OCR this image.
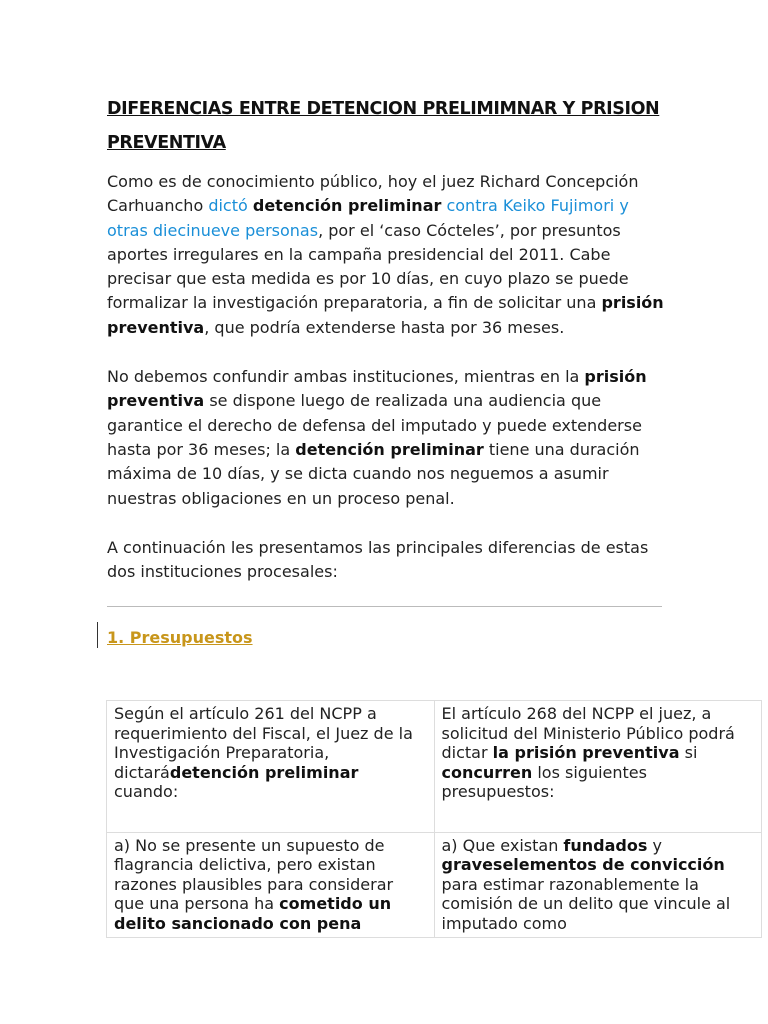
DIFERENCIAS ENTRE DETENCION PRELIMIMNAR Y PRISION
PREVENTIVA

Como es de conocimiento público, hoy el juez Richard Concepción Carhuancho dictó detención preliminar contra Keiko Fujimori y otras diecinueve personas, por el ‘caso Cócteles’, por presuntos aportes irregulares en la campaña presidencial del 2011. Cabe precisar que esta medida es por 10 días, en cuyo plazo se puede formalizar la investigación preparatoria, a fin de solicitar una prisión preventiva, que podría extenderse hasta por 36 meses.

No debemos confundir ambas instituciones, mientras en la prisión preventiva se dispone luego de realizada una audiencia que garantice el derecho de defensa del imputado y puede extenderse hasta por 36 meses; la detención preliminar tiene una duración máxima de 10 días, y se dicta cuando nos neguemos a asumir nuestras obligaciones en un proceso penal.

A continuación les presentamos las principales diferencias de estas dos instituciones procesales:

1. Presupuestos
Según el artículo 261 del NCPP a requerimiento del Fiscal, el Juez de la Investigación Preparatoria, dictarádetención preliminar cuando:	El artículo 268 del NCPP el juez, a solicitud del Ministerio Público podrá dictar la prisión preventiva si concurren los siguientes presupuestos:
a) No se presente un supuesto de flagrancia delictiva, pero existan razones plausibles para considerar que una persona ha cometido un delito sancionado con pena	a) Que existan fundados y graveselementos de convicción para estimar razonablemente la comisión de un delito que vincule al imputado como
